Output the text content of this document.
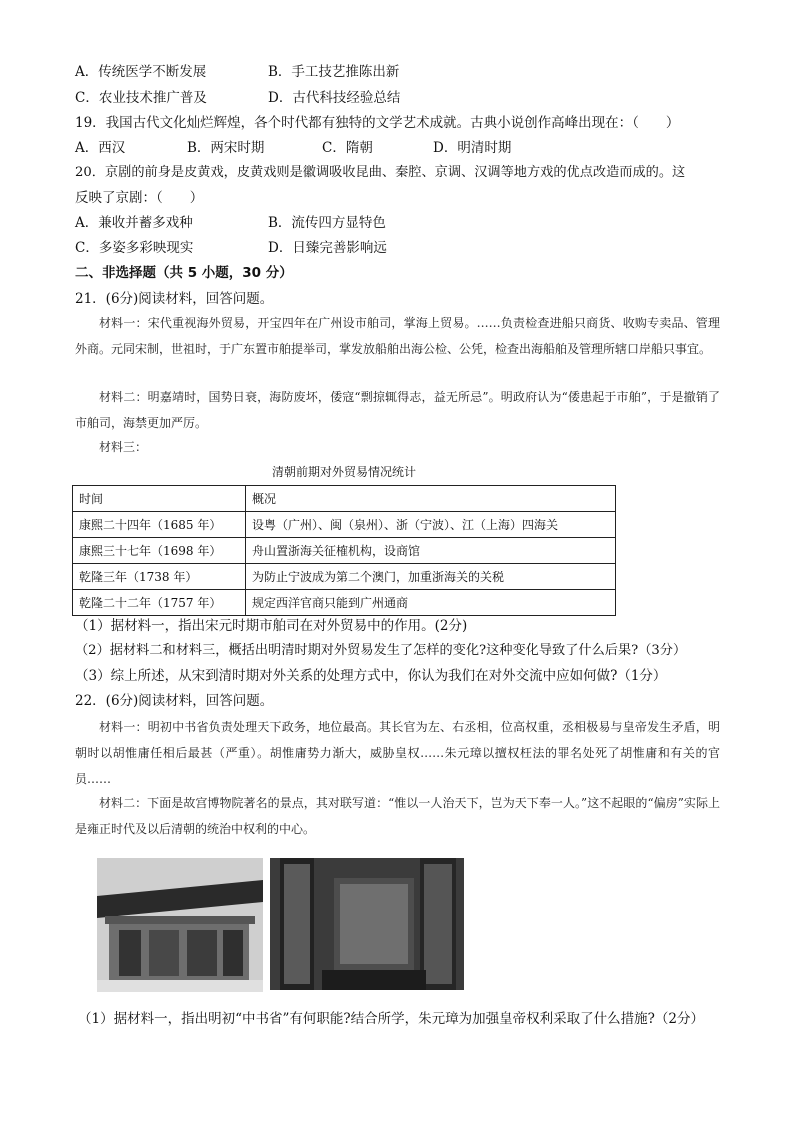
A．传统医学不断发展	B．手工技艺推陈出新
C．农业技术推广普及	D．古代科技经验总结
19．我国古代文化灿烂辉煌，各个时代都有独特的文学艺术成就。古典小说创作高峰出现在：（　　）
A．西汉	B．两宋时期	C．隋朝	D．明清时期
20．京剧的前身是皮黄戏，皮黄戏则是徽调吸收昆曲、秦腔、京调、汉调等地方戏的优点改造而成的。这
反映了京剧：（　　）
A．兼收并蓄多戏种	B．流传四方显特色
C．多姿多彩映现实	D．日臻完善影响远
二、非选择题（共 5 小题，30 分）
21．(6分)阅读材料，回答问题。

材料一：宋代重视海外贸易，开宝四年在广州设市舶司，掌海上贸易。……负责检查进船只商货、收购专卖品、管理外商。元同宋制，世祖时，于广东置市舶提举司，掌发放船舶出海公检、公凭，检查出海船舶及管理所辖口岸船只事宜。

材料二：明嘉靖时，国势日衰，海防废坏，倭寇“剽掠辄得志，益无所忌”。明政府认为“倭患起于市舶”，于是撤销了市舶司，海禁更加严厉。

材料三：

清朝前期对外贸易情况统计
时间	概况
康熙二十四年（1685 年）	设粤（广州）、闽（泉州）、浙（宁波）、江（上海）四海关
康熙三十七年（1698 年）	舟山置浙海关征榷机构，设商馆
乾隆三年（1738 年）	为防止宁波成为第二个澳门，加重浙海关的关税
乾隆二十二年（1757 年）	规定西洋官商只能到广州通商
（1）据材料一，指出宋元时期市舶司在对外贸易中的作用。(2分)
（2）据材料二和材料三，概括出明清时期对外贸易发生了怎样的变化?这种变化导致了什么后果?（3分）
（3）综上所述，从宋到清时期对外关系的处理方式中，你认为我们在对外交流中应如何做?（1分）
22．(6分)阅读材料，回答问题。

材料一：明初中书省负责处理天下政务，地位最高。其长官为左、右丞相，位高权重，丞相极易与皇帝发生矛盾，明朝时以胡惟庸任相后最甚（严重）。胡惟庸势力渐大，威胁皇权……朱元璋以擅权枉法的罪名处死了胡惟庸和有关的官员……

材料二：下面是故宫博物院著名的景点，其对联写道：“惟以一人治天下，岂为天下奉一人。”这不起眼的“偏房”实际上是雍正时代及以后清朝的统治中权利的中心。

（1）据材料一，指出明初“中书省”有何职能?结合所学，朱元璋为加强皇帝权利采取了什么措施?（2分）
